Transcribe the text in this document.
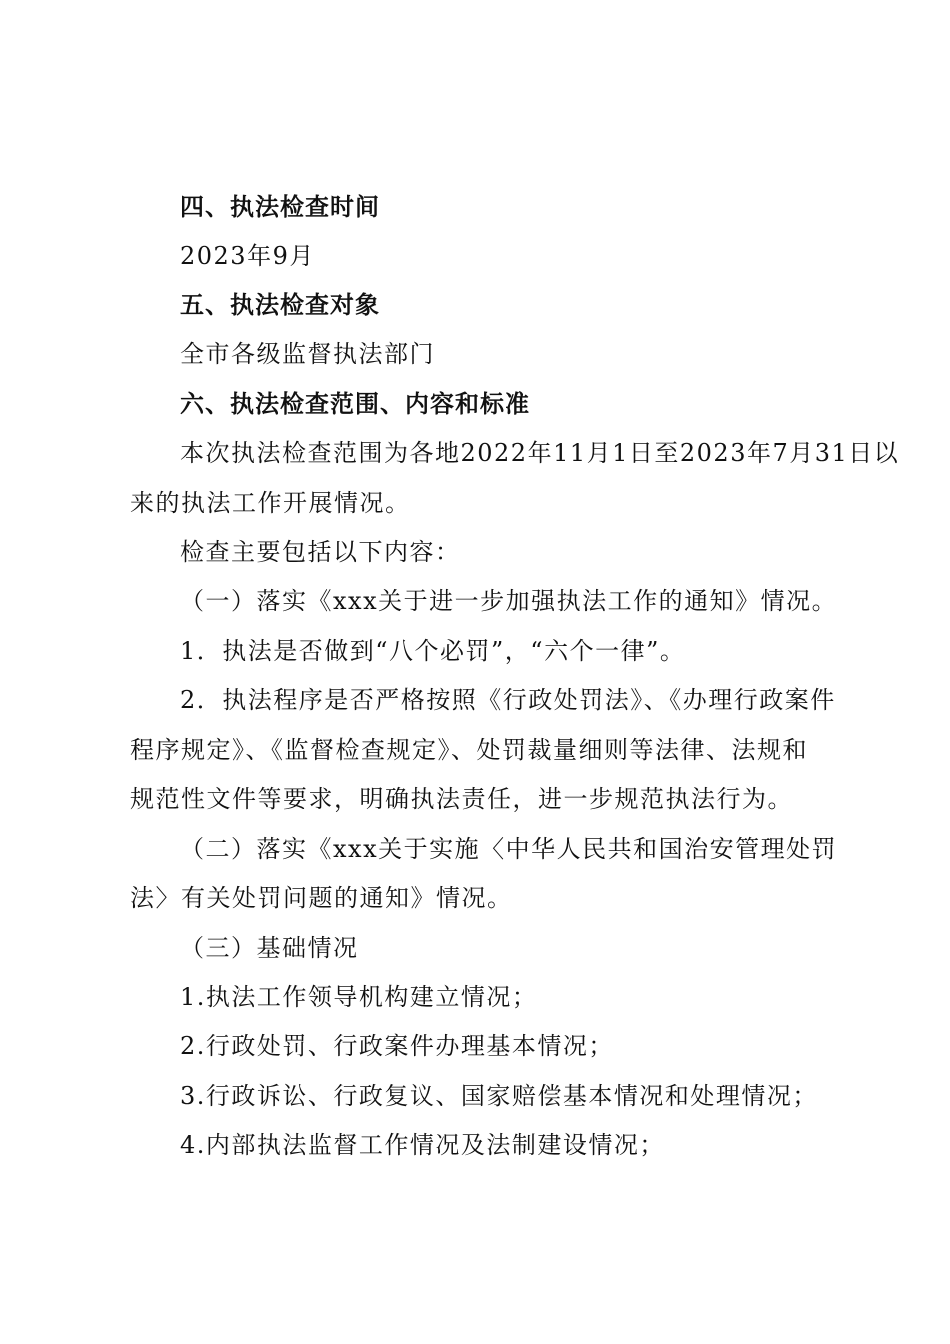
四、执法检查时间
2023年9月
五、执法检查对象
全市各级监督执法部门
六、执法检查范围、内容和标准
本次执法检查范围为各地2022年11月1日至2023年7月31日以
来的执法工作开展情况。
检查主要包括以下内容：
（一）落实《xxx关于进一步加强执法工作的通知》情况。
1．执法是否做到“八个必罚”，“六个一律”。
2．执法程序是否严格按照《行政处罚法》、《办理行政案件
程序规定》、《监督检查规定》、处罚裁量细则等法律、法规和
规范性文件等要求，明确执法责任，进一步规范执法行为。
（二）落实《xxx关于实施〈中华人民共和国治安管理处罚
法〉有关处罚问题的通知》情况。
（三）基础情况
1.执法工作领导机构建立情况；
2.行政处罚、行政案件办理基本情况；
3.行政诉讼、行政复议、国家赔偿基本情况和处理情况；
4.内部执法监督工作情况及法制建设情况；
